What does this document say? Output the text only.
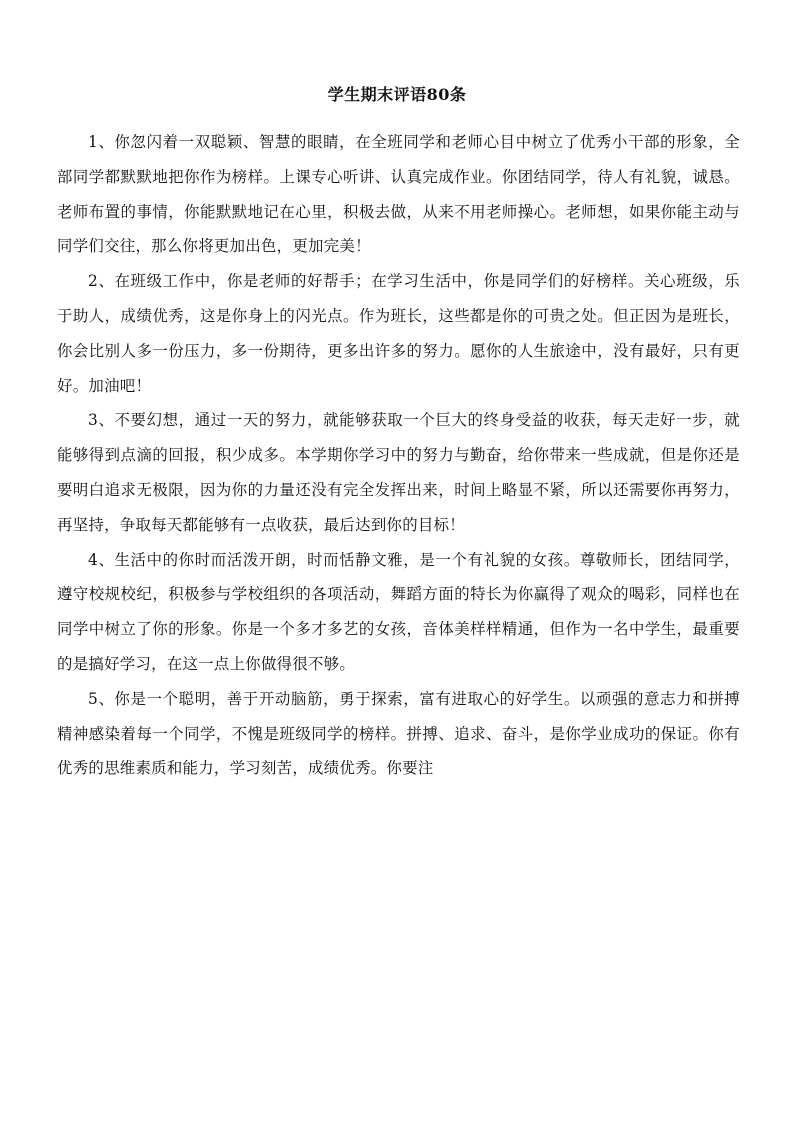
学生期末评语80条

1、你忽闪着一双聪颖、智慧的眼睛，在全班同学和老师心目中树立了优秀小干部的形象，全部同学都默默地把你作为榜样。上课专心听讲、认真完成作业。你团结同学，待人有礼貌，诚恳。老师布置的事情，你能默默地记在心里，积极去做，从来不用老师操心。老师想，如果你能主动与同学们交往，那么你将更加出色，更加完美！

2、在班级工作中，你是老师的好帮手；在学习生活中，你是同学们的好榜样。关心班级，乐于助人，成绩优秀，这是你身上的闪光点。作为班长，这些都是你的可贵之处。但正因为是班长，你会比别人多一份压力，多一份期待，更多出许多的努力。愿你的人生旅途中，没有最好，只有更好。加油吧！

3、不要幻想，通过一天的努力，就能够获取一个巨大的终身受益的收获，每天走好一步，就能够得到点滴的回报，积少成多。本学期你学习中的努力与勤奋，给你带来一些成就，但是你还是要明白追求无极限，因为你的力量还没有完全发挥出来，时间上略显不紧，所以还需要你再努力，再坚持，争取每天都能够有一点收获，最后达到你的目标！

4、生活中的你时而活泼开朗，时而恬静文雅，是一个有礼貌的女孩。尊敬师长，团结同学，遵守校规校纪，积极参与学校组织的各项活动，舞蹈方面的特长为你赢得了观众的喝彩，同样也在同学中树立了你的形象。你是一个多才多艺的女孩，音体美样样精通，但作为一名中学生，最重要的是搞好学习，在这一点上你做得很不够。

5、你是一个聪明，善于开动脑筋，勇于探索，富有进取心的好学生。以顽强的意志力和拼搏精神感染着每一个同学，不愧是班级同学的榜样。拼搏、追求、奋斗，是你学业成功的保证。你有优秀的思维素质和能力，学习刻苦，成绩优秀。你要注
